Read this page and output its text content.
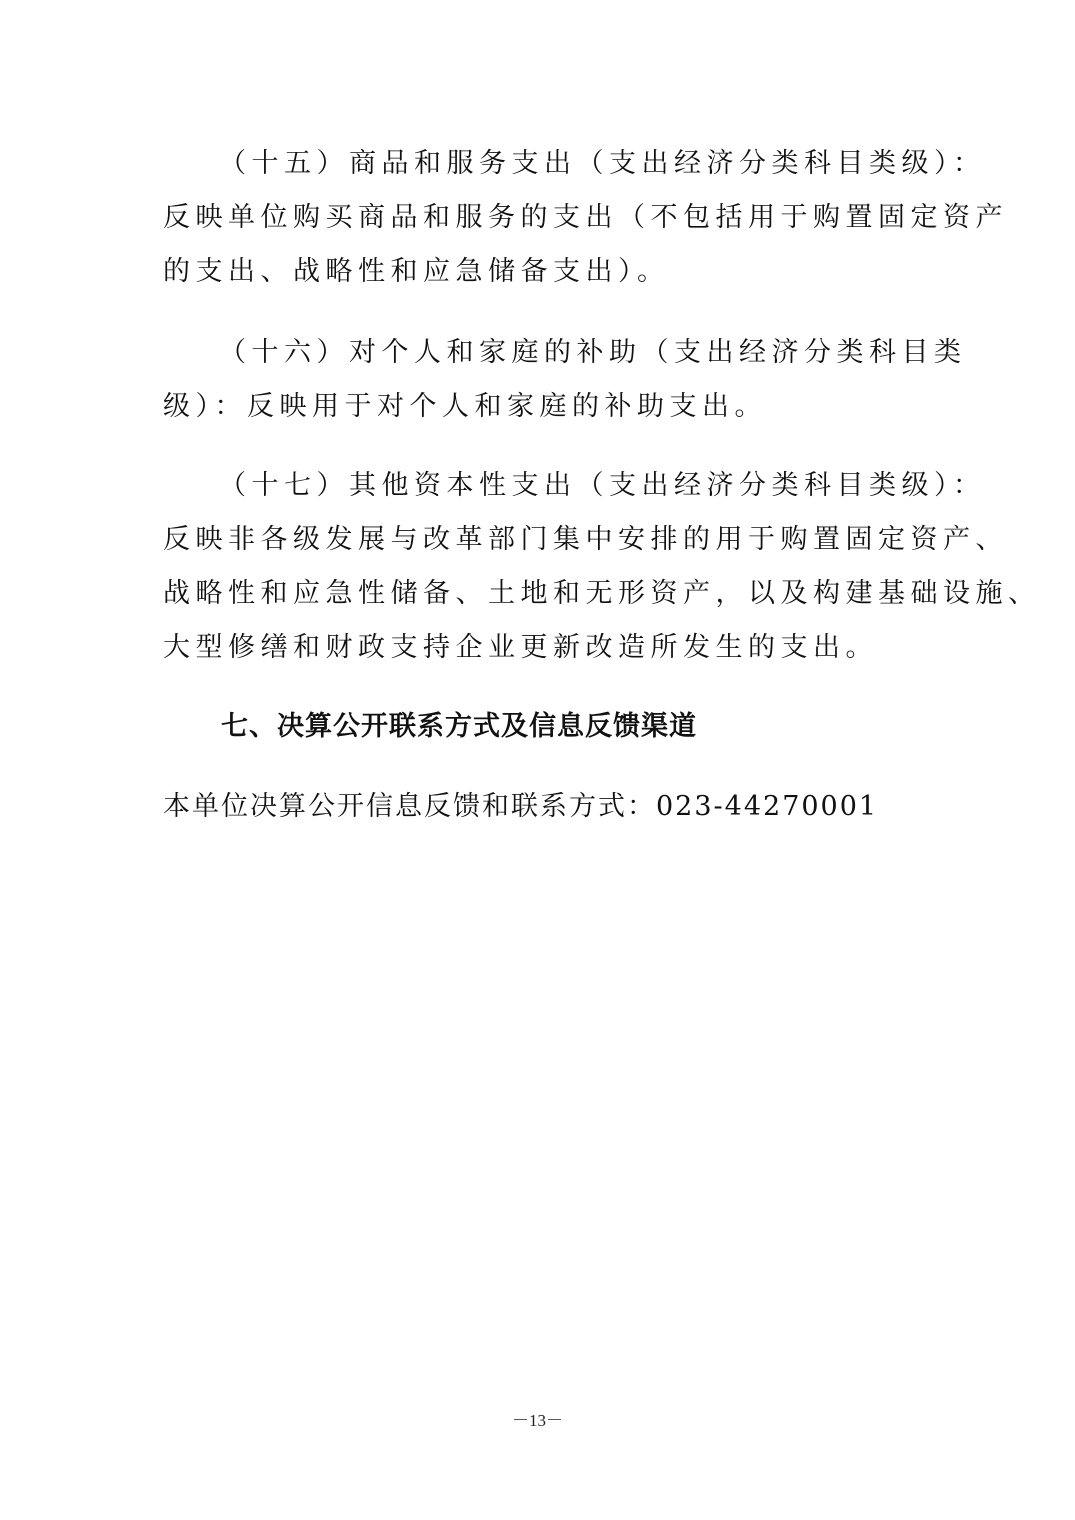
（十五）商品和服务支出（支出经济分类科目类级）：
反映单位购买商品和服务的支出（不包括用于购置固定资产
的支出、战略性和应急储备支出）。
（十六）对个人和家庭的补助（支出经济分类科目类
级）：反映用于对个人和家庭的补助支出。
（十七）其他资本性支出（支出经济分类科目类级）：
反映非各级发展与改革部门集中安排的用于购置固定资产、
战略性和应急性储备、土地和无形资产，以及构建基础设施、
大型修缮和财政支持企业更新改造所发生的支出。
七、决算公开联系方式及信息反馈渠道
本单位决算公开信息反馈和联系方式：023-44270001
－13－
